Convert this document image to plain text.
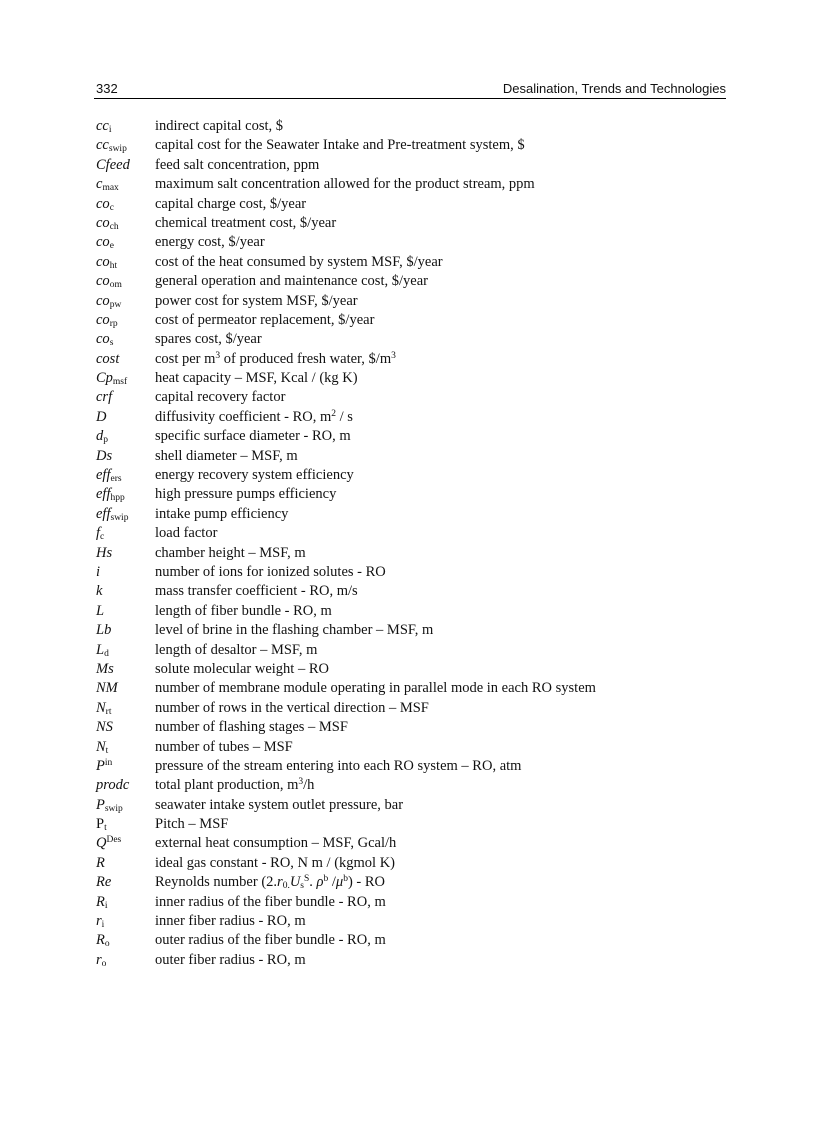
332	Desalination, Trends and Technologies
$cc_i$	indirect capital cost, $
$cc_{swip}$	capital cost for the Seawater Intake and Pre-treatment system, $
Cfeed	feed salt concentration, ppm
$c_{max}$	maximum salt concentration allowed for the product stream, ppm
$co_c$	capital charge cost, $/year
$co_{ch}$	chemical treatment cost, $/year
$co_e$	energy cost, $/year
$co_{ht}$	cost of the heat consumed by system MSF, $/year
$co_{om}$	general operation and maintenance cost, $/year
$co_{pw}$	power cost for system MSF, $/year
$co_{rp}$	cost of permeator replacement, $/year
$co_s$	spares cost, $/year
cost	cost per $m^3$ of produced fresh water, $\$/m^3$
$Cp_{msf}$	heat capacity – MSF, Kcal / (kg K)
crf	capital recovery factor
D	diffusivity coefficient - RO, $m^2$ / s
$d_p$	specific surface diameter - RO, m
Ds	shell diameter – MSF, m
eff$_{ers}$	energy recovery system efficiency
eff$_{hpp}$	high pressure pumps efficiency
eff$_{swip}$	intake pump efficiency
$f_c$	load factor
Hs	chamber height – MSF, m
i	number of ions for ionized solutes - RO
k	mass transfer coefficient - RO, m/s
L	length of fiber bundle - RO, m
Lb	level of brine in the flashing chamber – MSF, m
$L_d$	length of desaltor – MSF, m
Ms	solute molecular weight – RO
NM	number of membrane module operating in parallel mode in each RO system
$N_{rt}$	number of rows in the vertical direction – MSF
NS	number of flashing stages – MSF
$N_t$	number of tubes – MSF
$P^{in}$	pressure of the stream entering into each RO system – RO, atm
prodc	total plant production, $m^3/h$
$P_{swip}$	seawater intake system outlet pressure, bar
$P_t$	Pitch – MSF
$Q^{Des}$	external heat consumption – MSF, Gcal/h
R	ideal gas constant - RO, N m / (kgmol K)
Re	Reynolds number ($2.r_{0.}U_s^S$. $\rho^b$ $/\mu^b$) - RO
$R_i$	inner radius of the fiber bundle - RO, m
$r_i$	inner fiber radius - RO, m
$R_o$	outer radius of the fiber bundle - RO, m
$r_o$	outer fiber radius - RO, m
